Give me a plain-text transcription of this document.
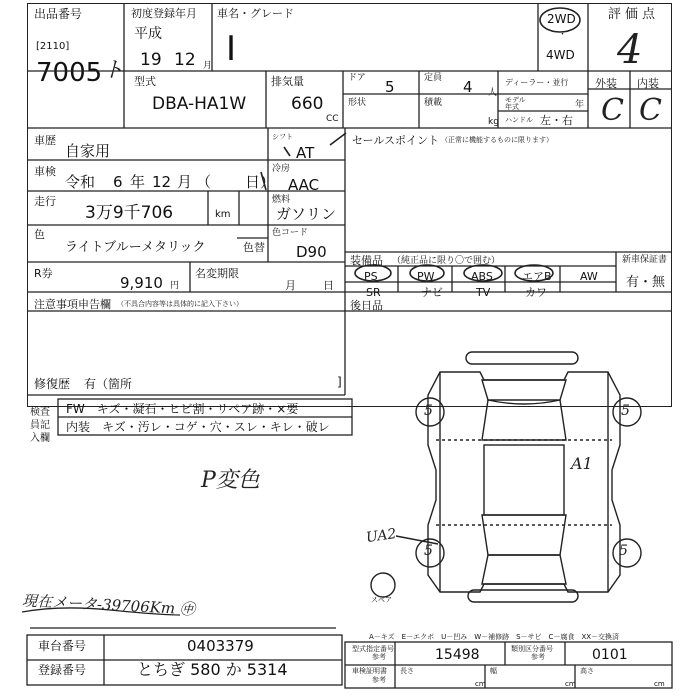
出品番号
[2110]
7005 ト
初度登録年月
平成
19 12 月
車名・グレード
I
2WD
・
4WD
評価点
4
型式
DBA-HA1W
排気量
660
CC
ドア 5	定員 4 人
ディーラー・並行
形状	積載
kg
モデル年式	年
ハンドル 左・右
外装 内装
C C
車歴
自家用
シフト
AT
セールスポイント （正常に機能するものに限ります）
車検
令和 6 年 12 月 （ 日）
冷房
AAC
走行
3万9千706	km
燃料
ガソリン
色
ライトブルーメタリック	色替
色コード
D90
R券
9,910 円
名変期限
月 日
装備品 （純正品に限り〇で囲む）	新車保証書
有・無
PS	PW	ABS	エアB	AW
SR	ナビ	TV	カワ
注意事項申告欄 （不具合内容等は具体的に記入下さい）	後日品
修復歴 有（箇所	]
検査員記入欄
FW　キズ・凝石・ヒビ割・リペア跡・×要
内装　キズ・汚レ・コゲ・穴・スレ・キレ・破レ
P変色
A1
UA2
5	5
5	5
現在メータ-39706Km ㊥	スペア
A－キズ　E－エクボ　U－凹み　W－補修跡　S－サビ　C－腐食　XX－交換済
車台番号	0403379
登録番号	とちぎ 580 か 5314
型式指定番号
参考	15498	類別区分番号
参考	0101
車検証明書
参考
長さ
cm
幅
cm
高さ
cm
